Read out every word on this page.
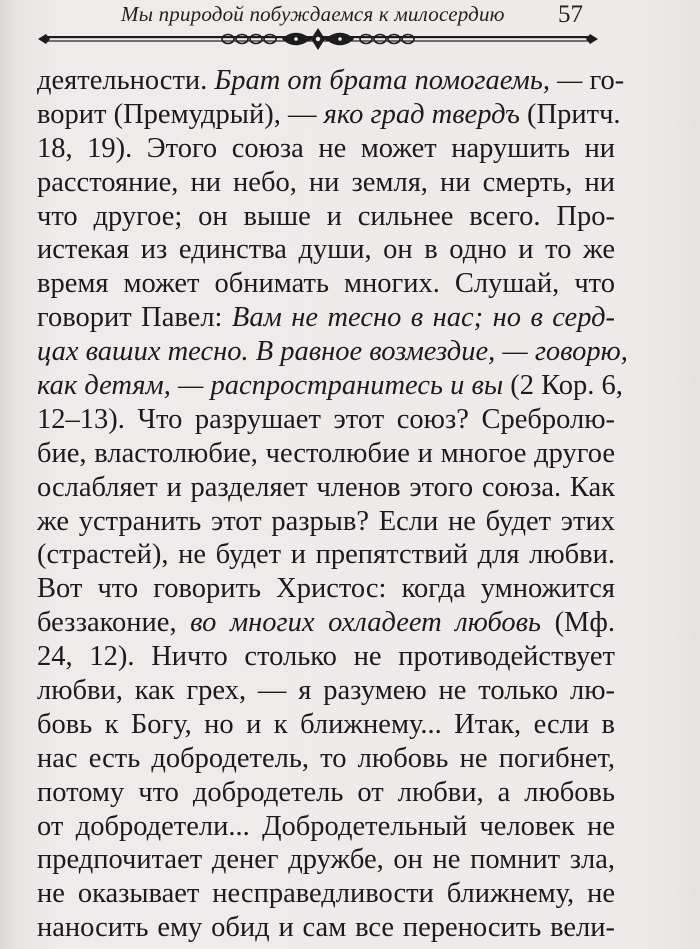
Мы природой побуждаемся к милосердию 57
деятельности. Брат от брата помогаемь, — го-
ворит (Премудрый), — яко град твердъ (Притч.
18, 19). Этого союза не может нарушить ни
расстояние, ни небо, ни земля, ни смерть, ни
что другое; он выше и сильнее всего. Про-
истекая из единства души, он в одно и то же
время может обнимать многих. Слушай, что
говорит Павел: Вам не тесно в нас; но в серд-
цах ваших тесно. В равное возмездие, — говорю,
как детям, — распространитесь и вы (2 Кор. 6,
12–13). Что разрушает этот союз? Сребролю-
бие, властолюбие, честолюбие и многое другое
ослабляет и разделяет членов этого союза. Как
же устранить этот разрыв? Если не будет этих
(страстей), не будет и препятствий для любви.
Вот что говорить Христос: когда умножится
беззаконие, во многих охладеет любовь (Мф.
24, 12). Ничто столько не противодействует
любви, как грех, — я разумею не только лю-
бовь к Богу, но и к ближнему... Итак, если в
нас есть добродетель, то любовь не погибнет,
потому что добродетель от любви, а любовь
от добродетели... Добродетельный человек не
предпочитает денег дружбе, он не помнит зла,
не оказывает несправедливости ближнему, не
наносить ему обид и сам все переносить вели-
